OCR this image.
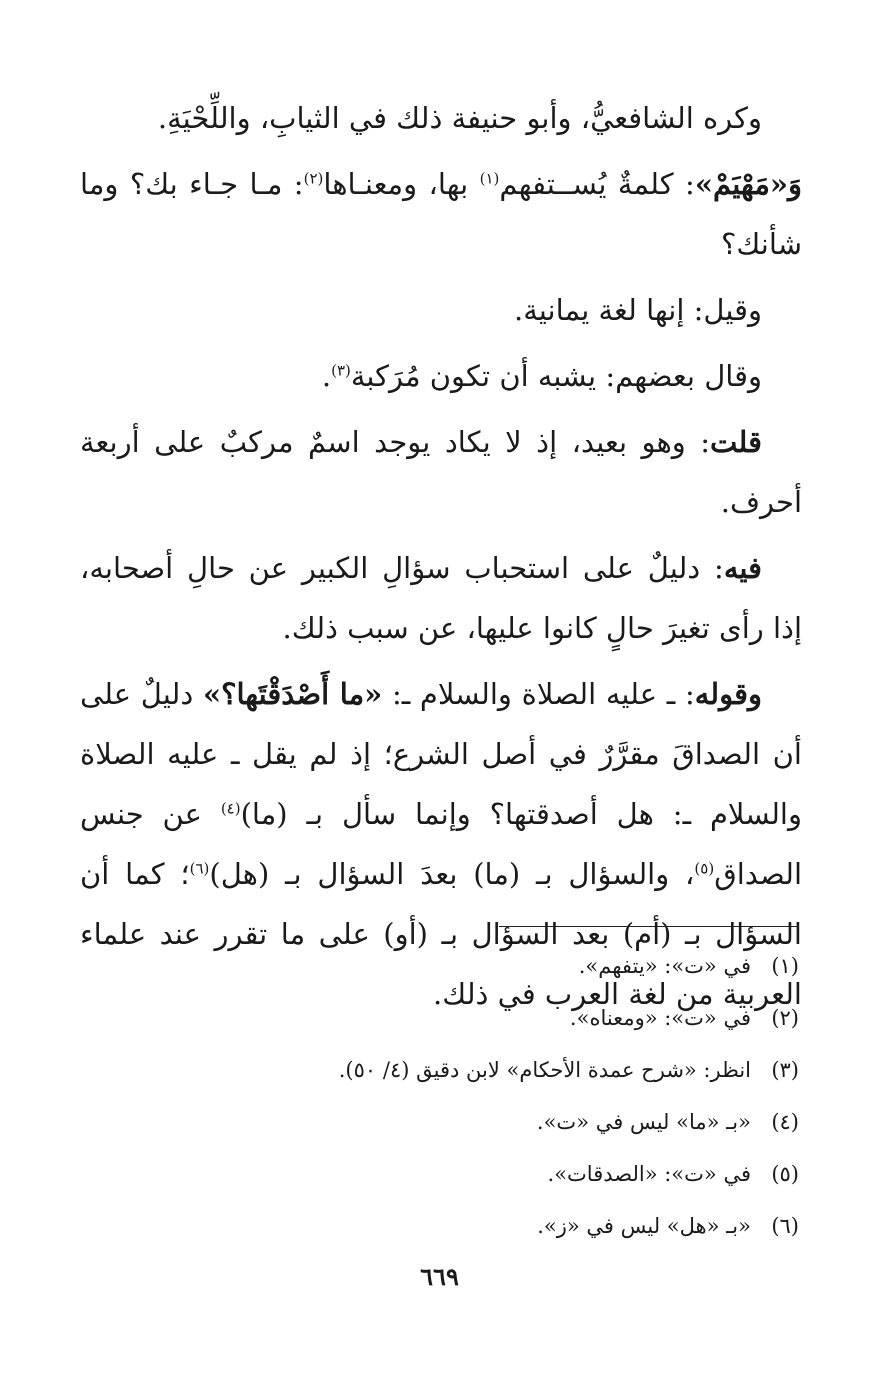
وكره الشافعيُّ، وأبو حنيفة ذلك في الثيابِ، واللِّحْيَةِ.

وَ«مَهْيَمْ»: كلمةٌ يُســتفهم$^{(١)}$ بها، ومعنـاها$^{(٢)}$: مـا جـاء بك؟ وما شأنك؟

وقيل: إنها لغة يمانية.

وقال بعضهم: يشبه أن تكون مُرَكبة$^{(٣)}$.

قلت: وهو بعيد، إذ لا يكاد يوجد اسمٌ مركبٌ على أربعة أحرف.

فيه: دليلٌ على استحباب سؤالِ الكبير عن حالِ أصحابه، إذا رأى تغيرَ حالٍ كانوا عليها، عن سبب ذلك.

وقوله: ـ عليه الصلاة والسلام ـ: «ما أَصْدَقْتَها؟» دليلٌ على أن الصداقَ مقرَّرٌ في أصل الشرع؛ إذ لم يقل ـ عليه الصلاة والسلام ـ: هل أصدقتها؟ وإنما سأل بـ (ما)$^{(٤)}$ عن جنس الصداق$^{(٥)}$، والسؤال بـ (ما) بعدَ السؤال بـ (هل)$^{(٦)}$؛ كما أن السؤال بـ (أم) بعد السؤال بـ (أو) على ما تقرر عند علماء العربية من لغة العرب في ذلك.

(١)
في «ت»: «يتفهم».
(٢)
في «ت»: «ومعناه».
(٣)
انظر: «شرح عمدة الأحكام» لابن دقيق (٤/ ٥٠).
(٤)
«بـ «ما» ليس في «ت».
(٥)
في «ت»: «الصدقات».
(٦)
«بـ «هل» ليس في «ز».
٦٦٩
